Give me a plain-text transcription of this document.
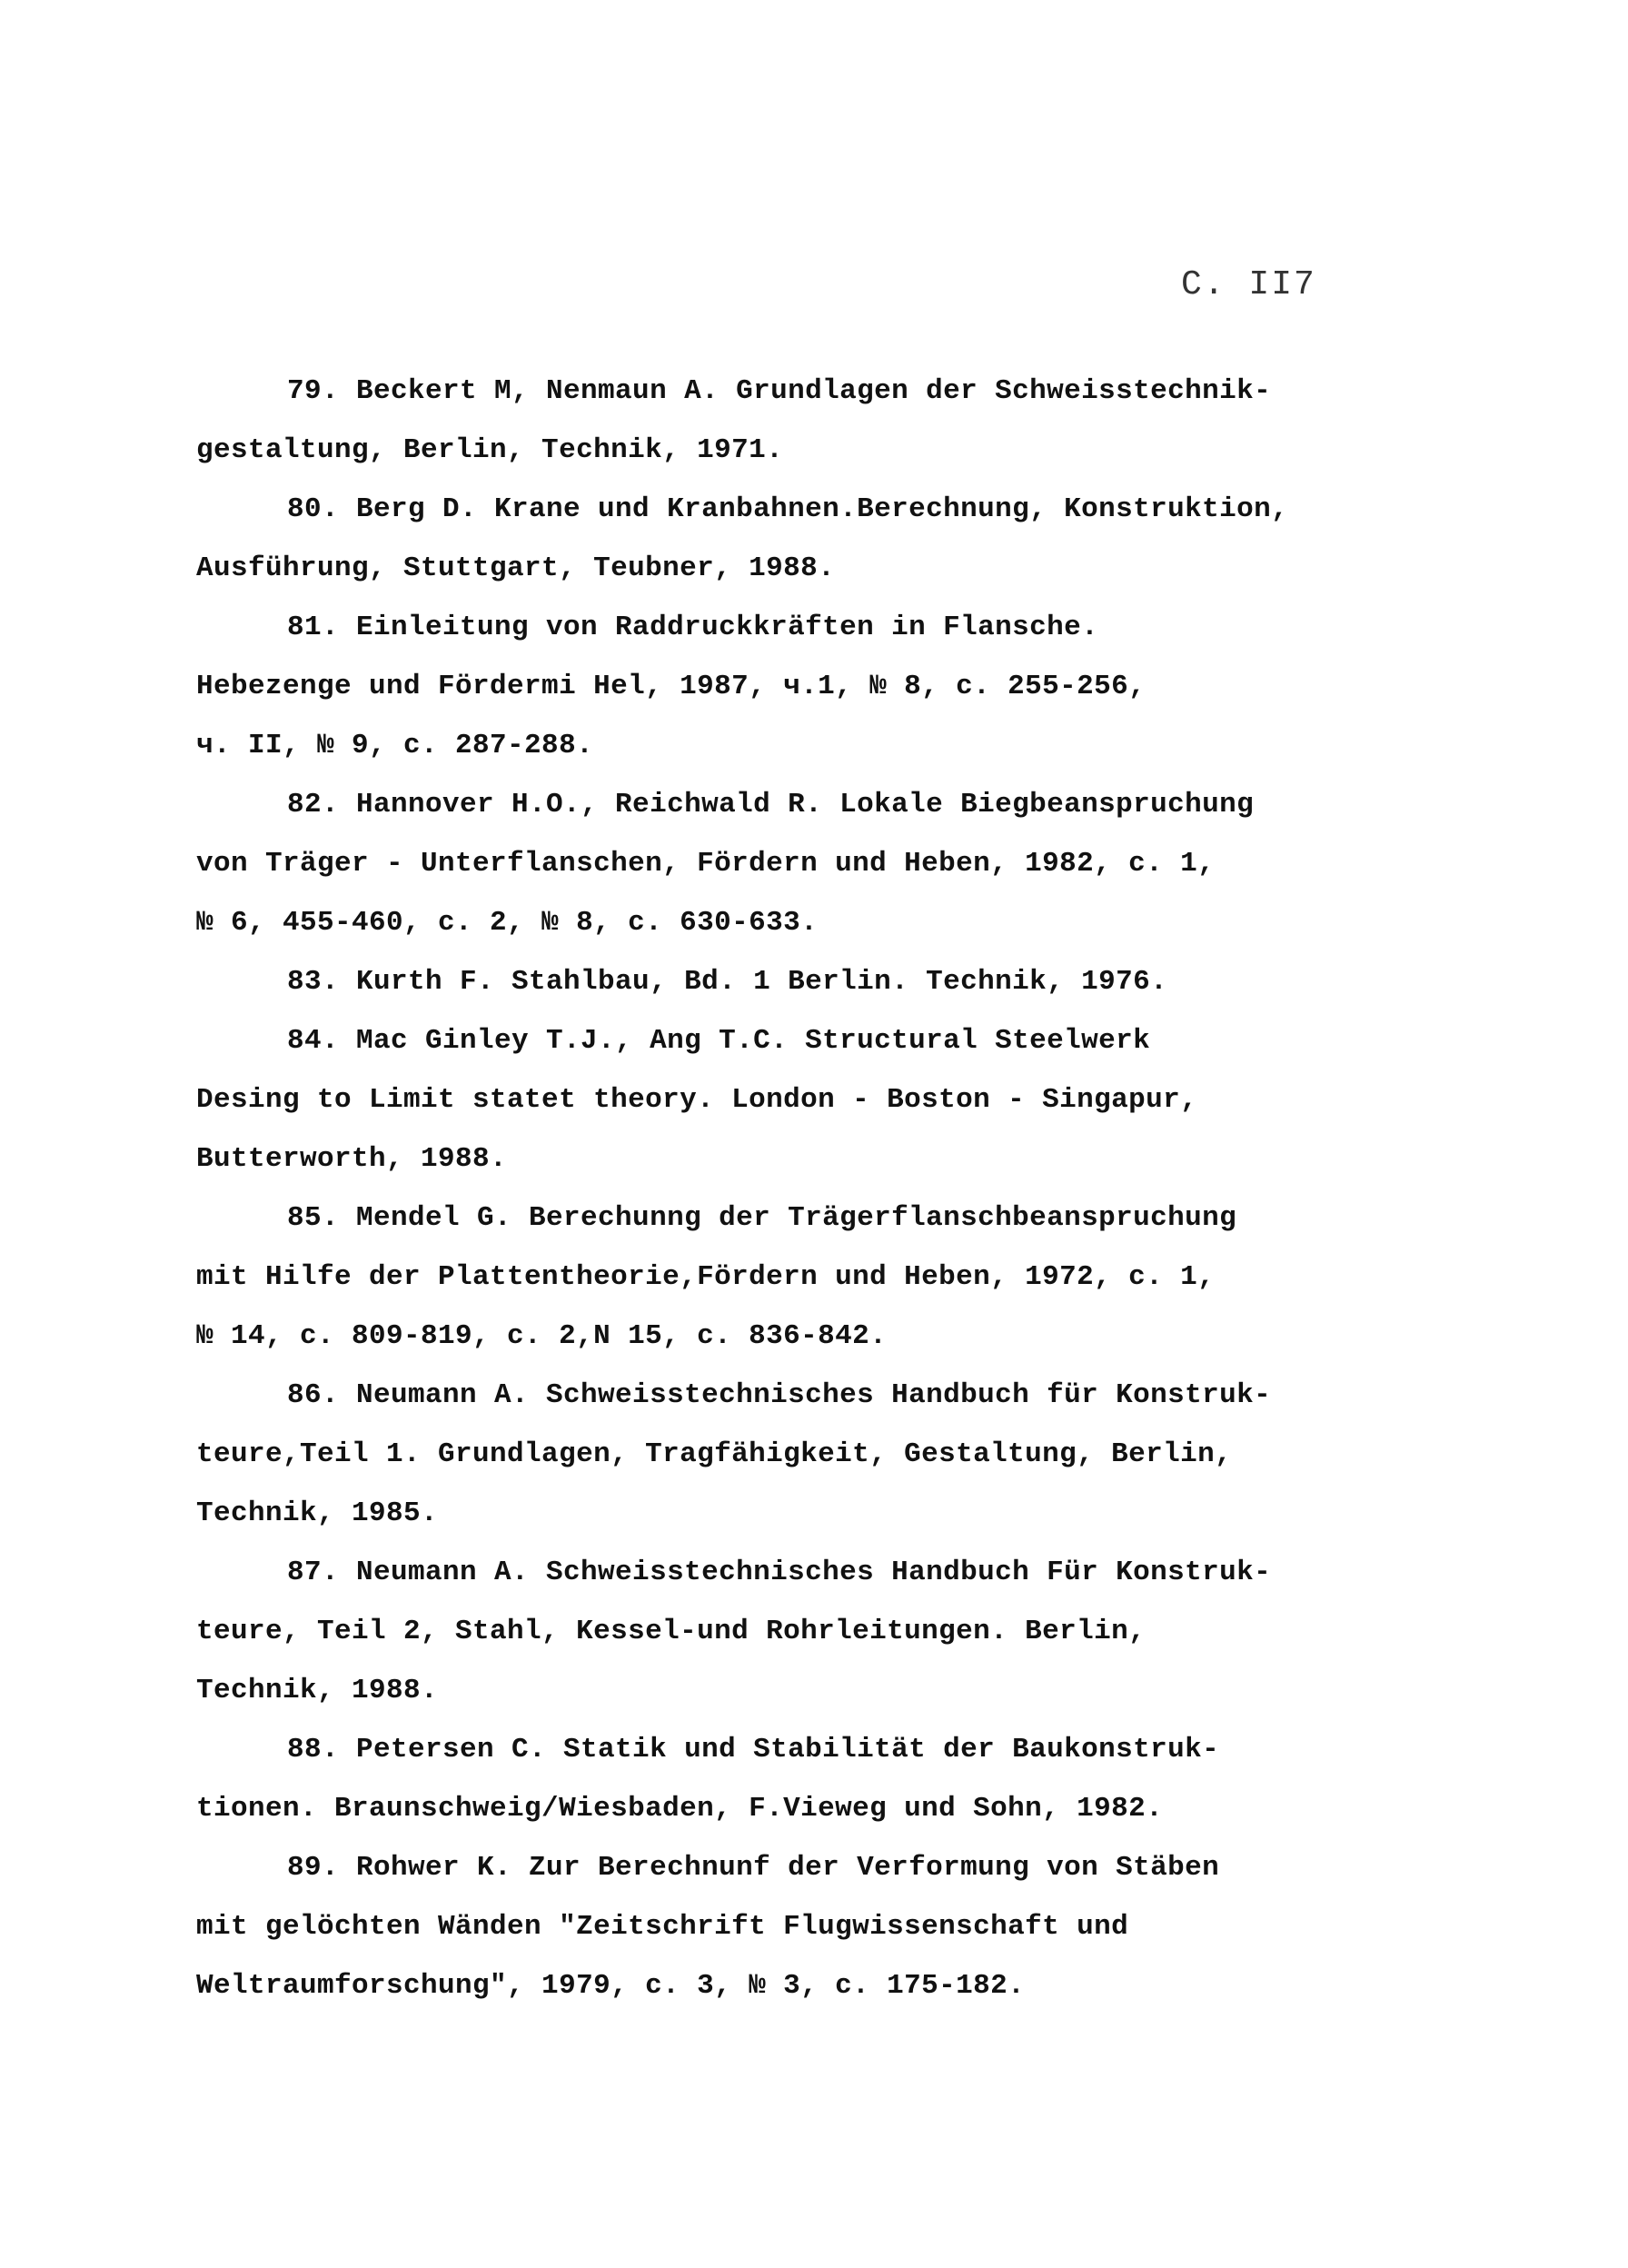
C. II7
79. Beckert M, Nenmaun A. Grundlagen der Schweisstechnik-
gestaltung, Berlin, Technik, 1971.
80. Berg D. Krane und Kranbahnen.Berechnung, Konstruktion,
Ausführung, Stuttgart, Teubner, 1988.
81. Einleitung von Raddruckkräften in Flansche.
Hebezenge und Fördermi Hel, 1987, ч.1, № 8, c. 255-256,
ч. II, № 9, c. 287-288.
82. Hannover H.O., Reichwald R. Lokale Biegbeanspruchung
von Träger - Unterflanschen, Fördern und Heben, 1982, c. 1,
№ 6, 455-460, c. 2, № 8, c. 630-633.
83. Kurth F. Stahlbau, Bd. 1 Berlin. Technik, 1976.
84. Mac Ginley T.J., Ang T.C. Structural Steelwerk
Desing to Limit statet theory. London - Boston - Singapur,
Butterworth, 1988.
85. Mendel G. Berechunng der Trägerflanschbeanspruchung
mit Hilfe der Plattentheorie,Fördern und Heben, 1972, c. 1,
№ 14, c. 809-819, c. 2,N 15, c. 836-842.
86. Neumann A. Schweisstechnisches Handbuch für Konstruk-
teure,Teil 1. Grundlagen, Tragfähigkeit, Gestaltung, Berlin,
Technik, 1985.
87. Neumann A. Schweisstechnisches Handbuch Für Konstruk-
teure, Teil 2, Stahl, Kessel-und Rohrleitungen. Berlin,
Technik, 1988.
88. Petersen C. Statik und Stabilität der Baukonstruk-
tionen. Braunschweig/Wiesbaden, F.Vieweg und Sohn, 1982.
89. Rohwer K. Zur Berechnunf der Verformung von Stäben
mit gelöchten Wänden "Zeitschrift Flugwissenschaft und
Weltraumforschung", 1979, c. 3, № 3, c. 175-182.
